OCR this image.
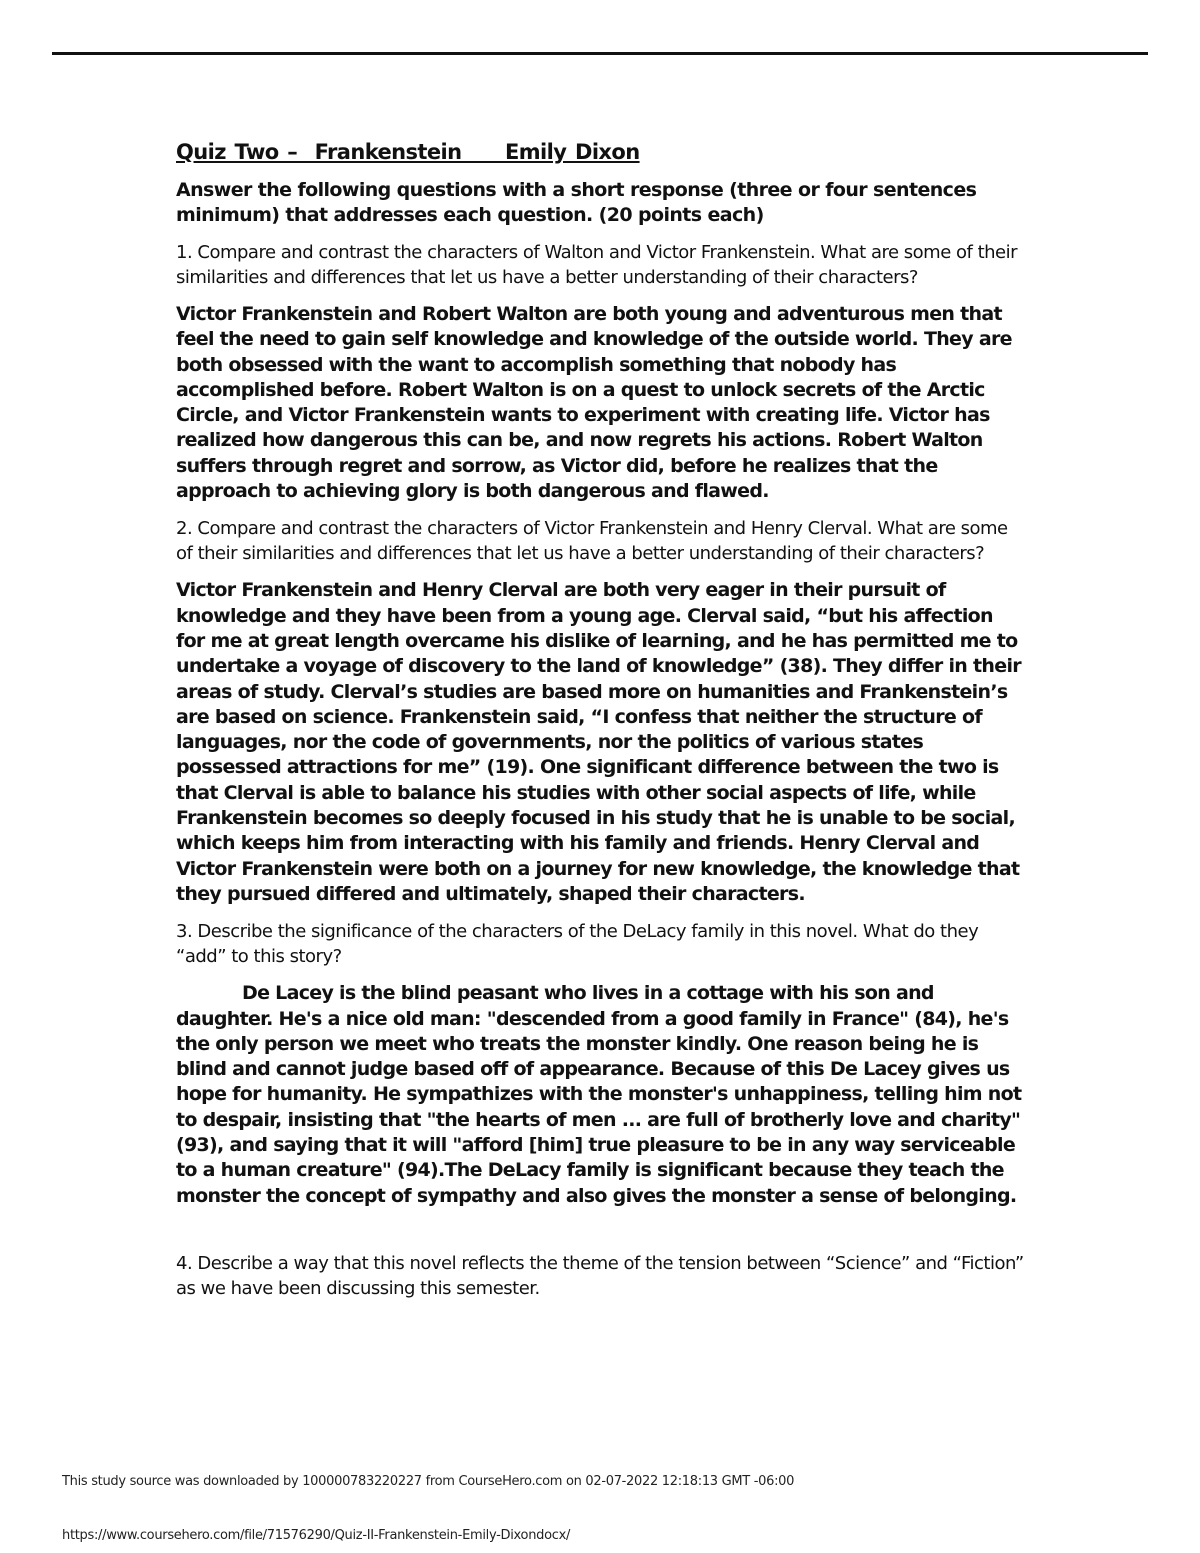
Quiz Two –  Frankenstein     Emily Dixon
Answer the following questions with a short response (three or four sentences minimum) that addresses each question. (20 points each)
1. Compare and contrast the characters of Walton and Victor Frankenstein. What are some of their similarities and differences that let us have a better understanding of their characters?
Victor Frankenstein and Robert Walton are both young and adventurous men that feel the need to gain self knowledge and knowledge of the outside world. They are both obsessed with the want to accomplish something that nobody has accomplished before. Robert Walton is on a quest to unlock secrets of the Arctic Circle, and Victor Frankenstein wants to experiment with creating life. Victor has realized how dangerous this can be, and now regrets his actions. Robert Walton suffers through regret and sorrow, as Victor did, before he realizes that the approach to achieving glory is both dangerous and flawed.
2. Compare and contrast the characters of Victor Frankenstein and Henry Clerval. What are some of their similarities and differences that let us have a better understanding of their characters?
Victor Frankenstein and Henry Clerval are both very eager in their pursuit of knowledge and they have been from a young age. Clerval said, “but his affection for me at great length overcame his dislike of learning, and he has permitted me to undertake a voyage of discovery to the land of knowledge” (38). They differ in their areas of study. Clerval’s studies are based more on humanities and Frankenstein’s are based on science. Frankenstein said, “I confess that neither the structure of languages, nor the code of governments, nor the politics of various states possessed attractions for me” (19). One significant difference between the two is that Clerval is able to balance his studies with other social aspects of life, while Frankenstein becomes so deeply focused in his study that he is unable to be social, which keeps him from interacting with his family and friends. Henry Clerval and Victor Frankenstein were both on a journey for new knowledge, the knowledge that they pursued differed and ultimately, shaped their characters.
3. Describe the significance of the characters of the DeLacy family in this novel. What do they “add” to this story?
De Lacey is the blind peasant who lives in a cottage with his son and daughter. He's a nice old man: "descended from a good family in France" (84), he's the only person we meet who treats the monster kindly. One reason being he is blind and cannot judge based off of appearance. Because of this De Lacey gives us hope for humanity. He sympathizes with the monster's unhappiness, telling him not to despair, insisting that "the hearts of men ... are full of brotherly love and charity" (93), and saying that it will "afford [him] true pleasure to be in any way serviceable to a human creature" (94).The DeLacy family is significant because they teach the monster the concept of sympathy and also gives the monster a sense of belonging.
4. Describe a way that this novel reflects the theme of the tension between “Science” and “Fiction” as we have been discussing this semester.
This study source was downloaded by 100000783220227 from CourseHero.com on 02-07-2022 12:18:13 GMT -06:00
https://www.coursehero.com/file/71576290/Quiz-II-Frankenstein-Emily-Dixondocx/
